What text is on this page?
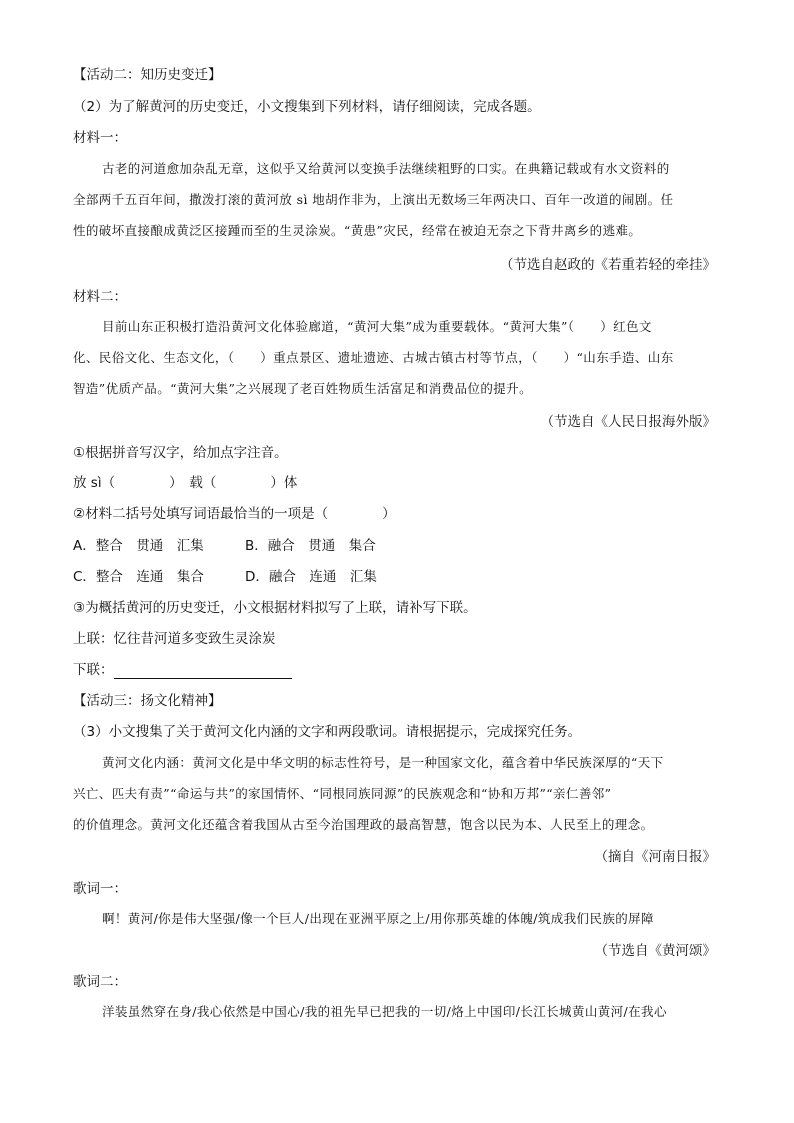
【活动二：知历史变迁】
（2）为了解黄河的历史变迁，小文搜集到下列材料，请仔细阅读，完成各题。
材料一：
古老的河道愈加杂乱无章，这似乎又给黄河以变换手法继续粗野的口实。在典籍记载或有水文资料的
全部两千五百年间，撒泼打滚的黄河放 sì 地胡作非为，上演出无数场三年两决口、百年一改道的闹剧。任
性的破坏直接酿成黄泛区接踵而至的生灵涂炭。“黄患”灾民，经常在被迫无奈之下背井离乡的逃难。
（节选自赵政的《若重若轻的牵挂》
材料二：
目前山东正积极打造沿黄河文化体验廊道，“黄河大集”成为重要载体。“黄河大集”（　　）红色文
化、民俗文化、生态文化，（　　）重点景区、遗址遗迹、古城古镇古村等节点，（　　）“山东手造、山东
智造”优质产品。“黄河大集”之兴展现了老百姓物质生活富足和消费品位的提升。
（节选自《人民日报海外版》
①根据拼音写汉字，给加点字注音。
放 sì（　　　　）　载（　　　　）体
②材料二括号处填写词语最恰当的一项是（　　　　）
A．整合　贯通　汇集	B．融合　贯通　集合
C．整合　连通　集合	D．融合　连通　汇集
③为概括黄河的历史变迁，小文根据材料拟写了上联，请补写下联。
上联：忆往昔河道多变致生灵涂炭
下联：
【活动三：扬文化精神】
（3）小文搜集了关于黄河文化内涵的文字和两段歌词。请根据提示，完成探究任务。
黄河文化内涵：黄河文化是中华文明的标志性符号，是一种国家文化，蕴含着中华民族深厚的“天下
兴亡、匹夫有责”“命运与共”的家国情怀、“同根同族同源”的民族观念和“协和万邦”“亲仁善邻”
的价值理念。黄河文化还蕴含着我国从古至今治国理政的最高智慧，饱含以民为本、人民至上的理念。
（摘自《河南日报》
歌词一：
啊！黄河/你是伟大坚强/像一个巨人/出现在亚洲平原之上/用你那英雄的体魄/筑成我们民族的屏障
（节选自《黄河颂》
歌词二：
洋装虽然穿在身/我心依然是中国心/我的祖先早已把我的一切/烙上中国印/长江长城黄山黄河/在我心
